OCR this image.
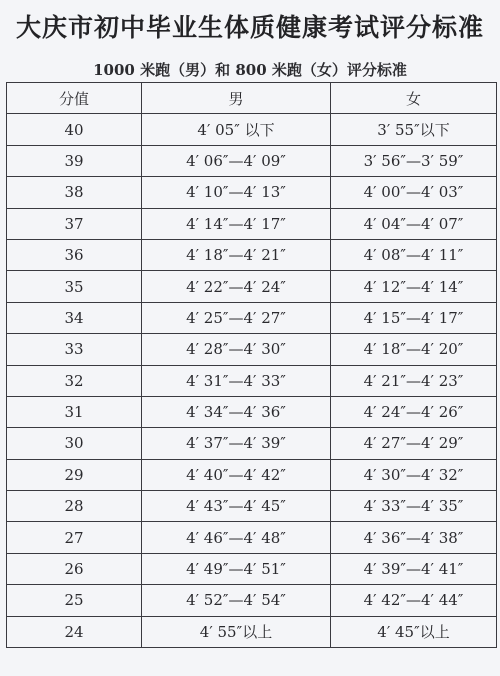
大庆市初中毕业生体质健康考试评分标准
1000 米跑（男）和 800 米跑（女）评分标准
分值	男	女
40	4′ 05″ 以下	3′ 55″以下
39	4′ 06″—4′ 09″	3′ 56″—3′ 59″
38	4′ 10″—4′ 13″	4′ 00″—4′ 03″
37	4′ 14″—4′ 17″	4′ 04″—4′ 07″
36	4′ 18″—4′ 21″	4′ 08″—4′ 11″
35	4′ 22″—4′ 24″	4′ 12″—4′ 14″
34	4′ 25″—4′ 27″	4′ 15″—4′ 17″
33	4′ 28″—4′ 30″	4′ 18″—4′ 20″
32	4′ 31″—4′ 33″	4′ 21″—4′ 23″
31	4′ 34″—4′ 36″	4′ 24″—4′ 26″
30	4′ 37″—4′ 39″	4′ 27″—4′ 29″
29	4′ 40″—4′ 42″	4′ 30″—4′ 32″
28	4′ 43″—4′ 45″	4′ 33″—4′ 35″
27	4′ 46″—4′ 48″	4′ 36″—4′ 38″
26	4′ 49″—4′ 51″	4′ 39″—4′ 41″
25	4′ 52″—4′ 54″	4′ 42″—4′ 44″
24	4′ 55″以上	4′ 45″以上
